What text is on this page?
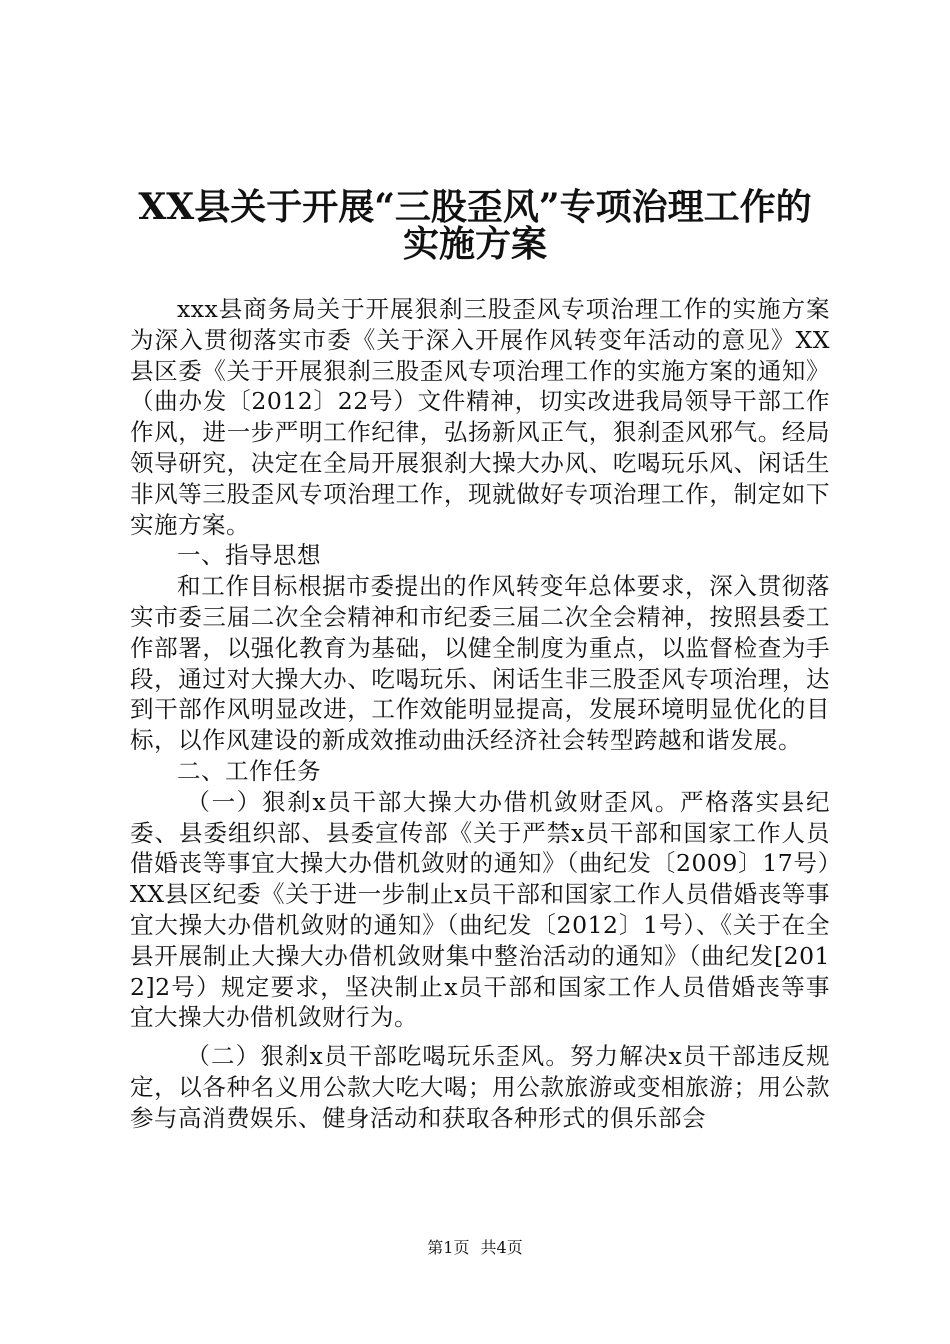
XX县关于开展“三股歪风”专项治理工作的
实施方案

xxx县商务局关于开展狠刹三股歪风专项治理工作的实施方案为深入贯彻落实市委《关于深入开展作风转变年活动的意见》XX县区委《关于开展狠刹三股歪风专项治理工作的实施方案的通知》（曲办发〔2012〕22号）文件精神，切实改进我局领导干部工作作风，进一步严明工作纪律，弘扬新风正气，狠刹歪风邪气。经局领导研究，决定在全局开展狠刹大操大办风、吃喝玩乐风、闲话生非风等三股歪风专项治理工作，现就做好专项治理工作，制定如下实施方案。

一、指导思想

和工作目标根据市委提出的作风转变年总体要求，深入贯彻落实市委三届二次全会精神和市纪委三届二次全会精神，按照县委工作部署，以强化教育为基础，以健全制度为重点，以监督检查为手段，通过对大操大办、吃喝玩乐、闲话生非三股歪风专项治理，达到干部作风明显改进，工作效能明显提高，发展环境明显优化的目标，以作风建设的新成效推动曲沃经济社会转型跨越和谐发展。

二、工作任务

（一）狠刹x员干部大操大办借机敛财歪风。严格落实县纪委、县委组织部、县委宣传部《关于严禁x员干部和国家工作人员借婚丧等事宜大操大办借机敛财的通知》（曲纪发〔2009〕17号）XX县区纪委《关于进一步制止x员干部和国家工作人员借婚丧等事宜大操大办借机敛财的通知》（曲纪发〔2012〕1号）、《关于在全县开展制止大操大办借机敛财集中整治活动的通知》（曲纪发[2012]2号）规定要求，坚决制止x员干部和国家工作人员借婚丧等事宜大操大办借机敛财行为。

（二）狠刹x员干部吃喝玩乐歪风。努力解决x员干部违反规定，以各种名义用公款大吃大喝；用公款旅游或变相旅游；用公款参与高消费娱乐、健身活动和获取各种形式的俱乐部会

第1页 共4页
